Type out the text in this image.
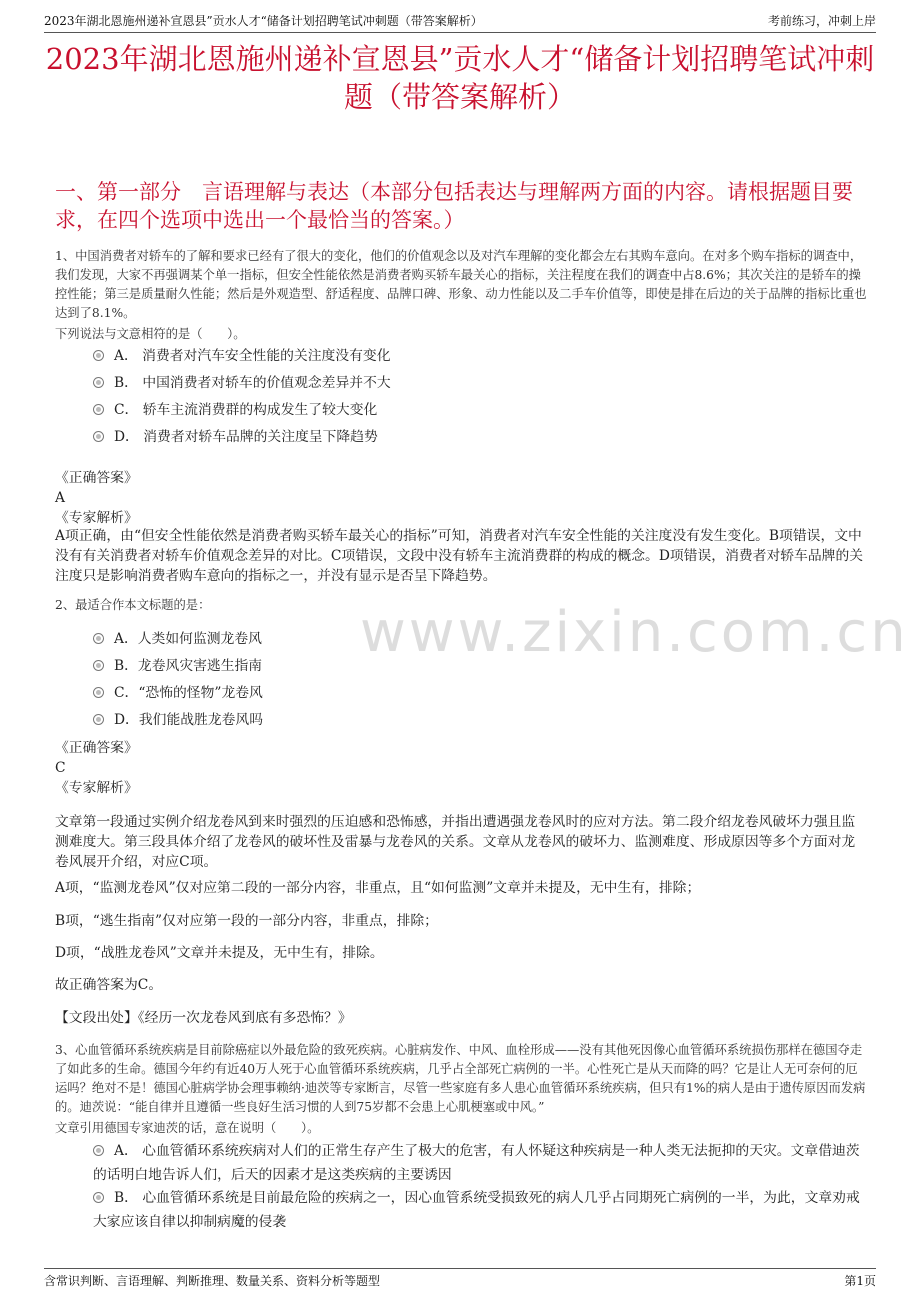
2023年湖北恩施州递补宣恩县”贡水人才“储备计划招聘笔试冲刺题（带答案解析）	考前练习，冲刺上岸
2023年湖北恩施州递补宣恩县”贡水人才“储备计划招聘笔试冲刺题（带答案解析）
一、第一部分　言语理解与表达（本部分包括表达与理解两方面的内容。请根据题目要求，在四个选项中选出一个最恰当的答案。）
www.zixin.com.cn
1、中国消费者对轿车的了解和要求已经有了很大的变化，他们的价值观念以及对汽车理解的变化都会左右其购车意向。在对多个购车指标的调查中，我们发现，大家不再强调某个单一指标，但安全性能依然是消费者购买轿车最关心的指标，关注程度在我们的调查中占8.6%；其次关注的是轿车的操控性能；第三是质量耐久性能；然后是外观造型、舒适程度、品牌口碑、形象、动力性能以及二手车价值等，即使是排在后边的关于品牌的指标比重也达到了8.1%。
下列说法与文意相符的是（　　）。
A． 消费者对汽车安全性能的关注度没有变化
B． 中国消费者对轿车的价值观念差异并不大
C． 轿车主流消费群的构成发生了较大变化
D． 消费者对轿车品牌的关注度呈下降趋势
《正确答案》
A
《专家解析》
A项正确，由“但安全性能依然是消费者购买轿车最关心的指标”可知，消费者对汽车安全性能的关注度没有发生变化。B项错误，文中没有有关消费者对轿车价值观念差异的对比。C项错误，文段中没有轿车主流消费群的构成的概念。D项错误，消费者对轿车品牌的关注度只是影响消费者购车意向的指标之一，并没有显示是否呈下降趋势。
2、最适合作本文标题的是：
A．人类如何监测龙卷风
B．龙卷风灾害逃生指南
C．“恐怖的怪物”龙卷风
D．我们能战胜龙卷风吗
《正确答案》
C
《专家解析》
文章第一段通过实例介绍龙卷风到来时强烈的压迫感和恐怖感，并指出遭遇强龙卷风时的应对方法。第二段介绍龙卷风破坏力强且监测难度大。第三段具体介绍了龙卷风的破坏性及雷暴与龙卷风的关系。文章从龙卷风的破坏力、监测难度、形成原因等多个方面对龙卷风展开介绍，对应C项。
A项，“监测龙卷风”仅对应第二段的一部分内容，非重点，且“如何监测”文章并未提及，无中生有，排除；
B项，“逃生指南”仅对应第一段的一部分内容，非重点，排除；
D项，“战胜龙卷风”文章并未提及，无中生有，排除。
故正确答案为C。
【文段出处】《经历一次龙卷风到底有多恐怖？》
3、心血管循环系统疾病是目前除癌症以外最危险的致死疾病。心脏病发作、中风、血栓形成——没有其他死因像心血管循环系统损伤那样在德国夺走了如此多的生命。德国今年约有近40万人死于心血管循环系统疾病，几乎占全部死亡病例的一半。心性死亡是从天而降的吗？它是让人无可奈何的厄运吗？绝对不是！德国心脏病学协会理事赖纳·迪茨等专家断言，尽管一些家庭有多人患心血管循环系统疾病，但只有1%的病人是由于遗传原因而发病的。迪茨说：“能自律并且遵循一些良好生活习惯的人到75岁都不会患上心肌梗塞或中风。”
文章引用德国专家迪茨的话，意在说明（　　）。
A． 心血管循环系统疾病对人们的正常生存产生了极大的危害，有人怀疑这种疾病是一种人类无法扼抑的天灾。文章借迪茨的话明白地告诉人们，后天的因素才是这类疾病的主要诱因
B． 心血管循环系统是目前最危险的疾病之一，因心血管系统受损致死的病人几乎占同期死亡病例的一半，为此，文章劝戒大家应该自律以抑制病魔的侵袭
含常识判断、言语理解、判断推理、数量关系、资料分析等题型	第1页
